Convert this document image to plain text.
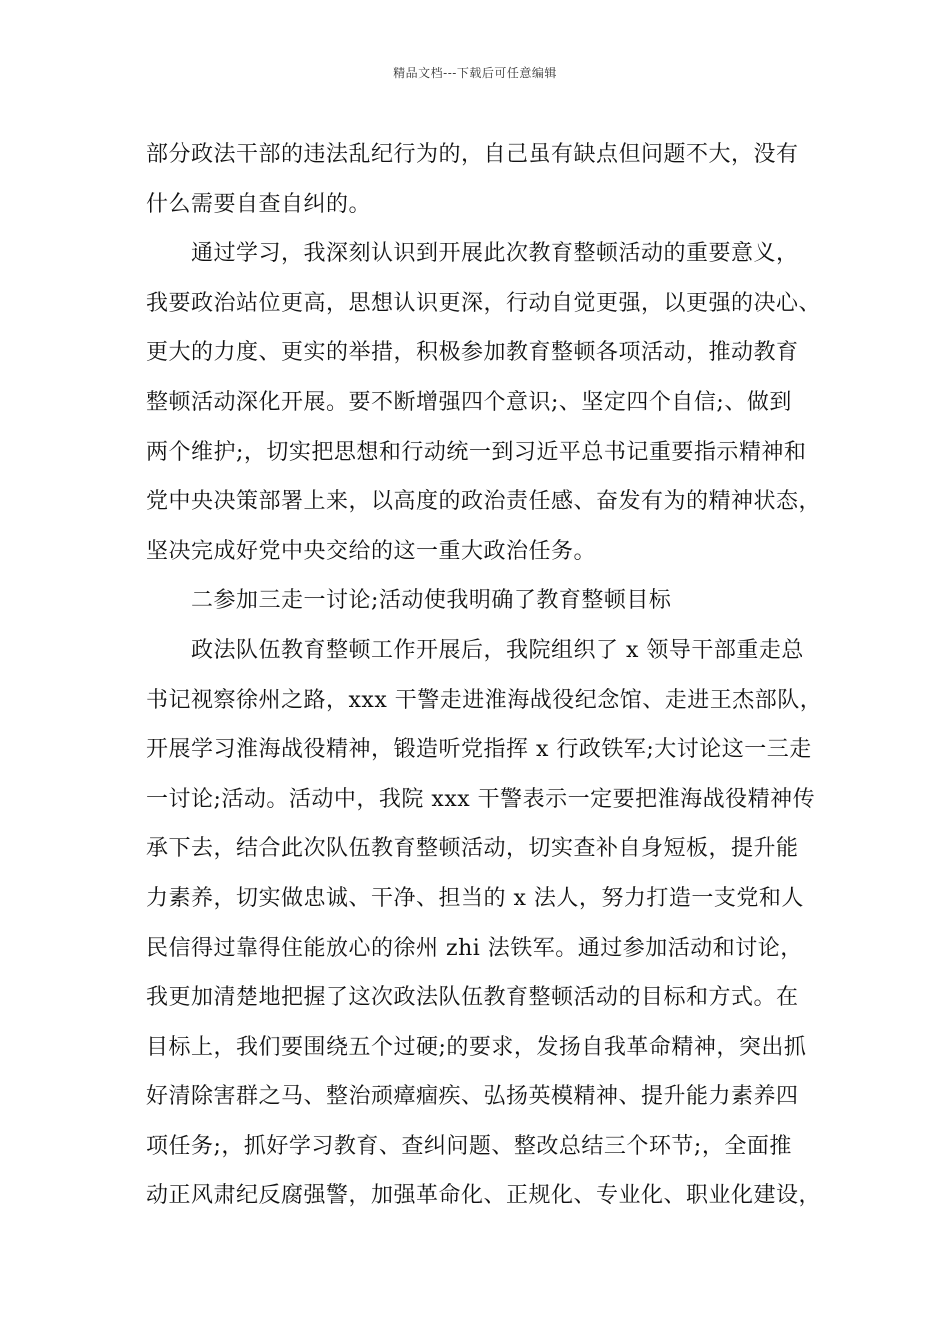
精品文档---下载后可任意编辑
部分政法干部的违法乱纪行为的，自己虽有缺点但问题不大，没有
什么需要自查自纠的。
通过学习，我深刻认识到开展此次教育整顿活动的重要意义，
我要政治站位更高，思想认识更深，行动自觉更强，以更强的决心、
更大的力度、更实的举措，积极参加教育整顿各项活动，推动教育
整顿活动深化开展。要不断增强四个意识;、坚定四个自信;、做到
两个维护;，切实把思想和行动统一到习近平总书记重要指示精神和
党中央决策部署上来，以高度的政治责任感、奋发有为的精神状态，
坚决完成好党中央交给的这一重大政治任务。
二参加三走一讨论;活动使我明确了教育整顿目标
政法队伍教育整顿工作开展后，我院组织了 x 领导干部重走总
书记视察徐州之路，xxx 干警走进淮海战役纪念馆、走进王杰部队，
开展学习淮海战役精神，锻造听党指挥 x 行政铁军;大讨论这一三走
一讨论;活动。活动中，我院 xxx 干警表示一定要把淮海战役精神传
承下去，结合此次队伍教育整顿活动，切实查补自身短板，提升能
力素养，切实做忠诚、干净、担当的 x 法人，努力打造一支党和人
民信得过靠得住能放心的徐州 zhi 法铁军。通过参加活动和讨论，
我更加清楚地把握了这次政法队伍教育整顿活动的目标和方式。在
目标上，我们要围绕五个过硬;的要求，发扬自我革命精神，突出抓
好清除害群之马、整治顽瘴痼疾、弘扬英模精神、提升能力素养四
项任务;，抓好学习教育、查纠问题、整改总结三个环节;，全面推
动正风肃纪反腐强警，加强革命化、正规化、专业化、职业化建设，
